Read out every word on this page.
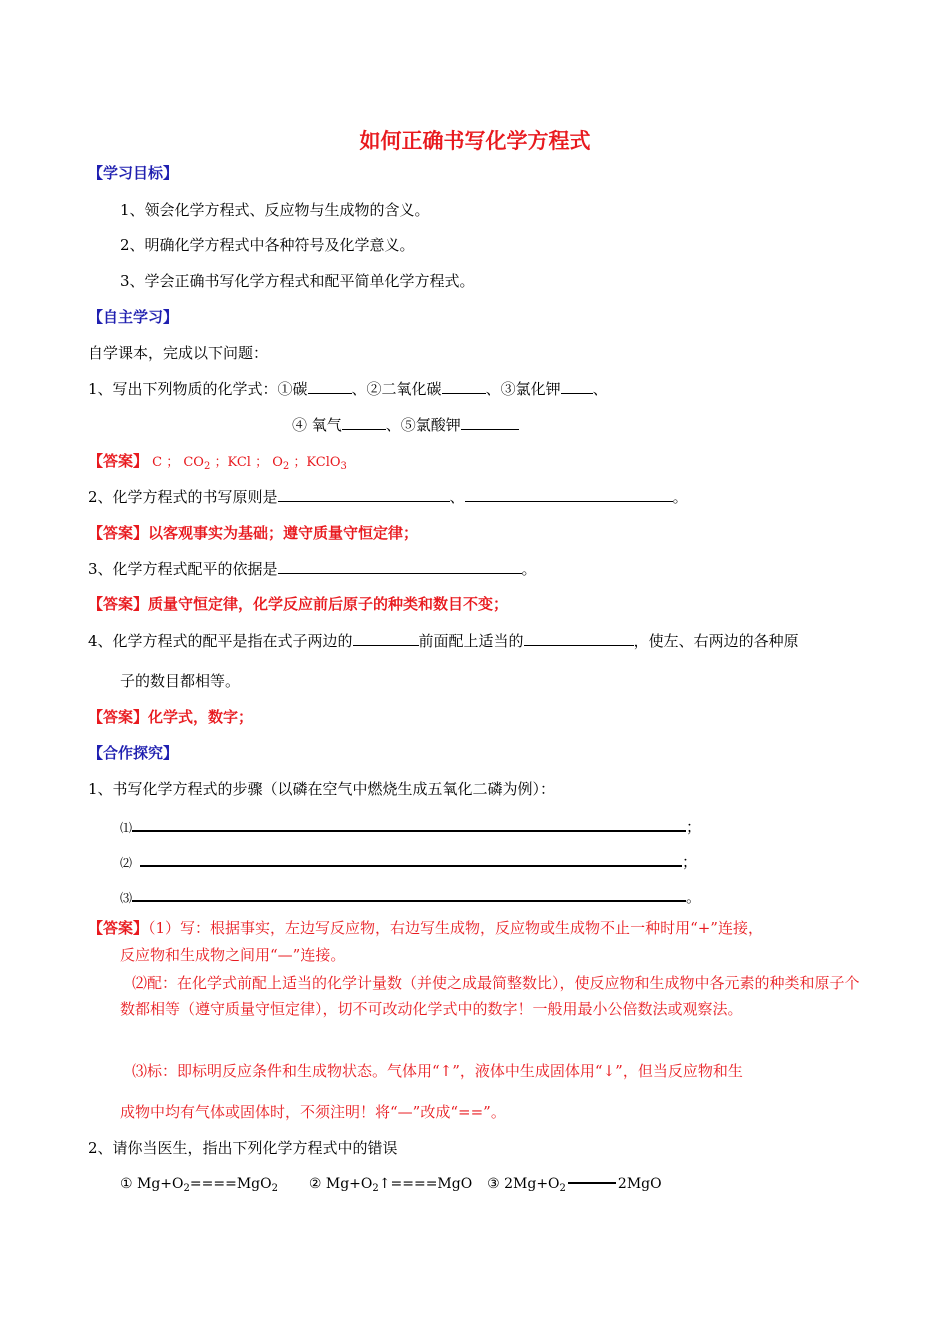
如何正确书写化学方程式
【学习目标】
1、领会化学方程式、反应物与生成物的含义。
2、明确化学方程式中各种符号及化学意义。
3、学会正确书写化学方程式和配平简单化学方程式。
【自主学习】
自学课本，完成以下问题：
1、写出下列物质的化学式：①碳	、②二氧化碳	、③氯化钾 、
④ 氧气	、⑤氯酸钾
【答案】 C ； $CO_2$ ；KCl ； $O_2$ ；KClO$_3$
2、化学方程式的书写原则是	、	。
【答案】以客观事实为基础；遵守质量守恒定律；
3、化学方程式配平的依据是	。
【答案】质量守恒定律，化学反应前后原子的种类和数目不变；
4、化学方程式的配平是指在式子两边的	前面配上适当的	，使左、右两边的各种原
子的数目都相等。
【答案】化学式，数字；
【合作探究】
1、书写化学方程式的步骤（以磷在空气中燃烧生成五氧化二磷为例）：
⑴	；
⑵	；
⑶	。
【答案】（1）写：根据事实，左边写反应物，右边写生成物，反应物或生成物不止一种时用“+”连接，
反应物和生成物之间用“—”连接。
⑵配：在化学式前配上适当的化学计量数（并使之成最简整数比），使反应物和生成物中各元素的种类和原子个数都相等（遵守质量守恒定律），切不可改动化学式中的数字！一般用最小公倍数法或观察法。
⑶标：即标明反应条件和生成物状态。气体用“↑”，液体中生成固体用“↓”，但当反应物和生
成物中均有气体或固体时，不须注明！将“—”改成“==”。
2、请你当医生，指出下列化学方程式中的错误
① $Mg+O_2====MgO_2$ ② $Mg+O_2↑====MgO$ ③ $2Mg+O_2$	2MgO
